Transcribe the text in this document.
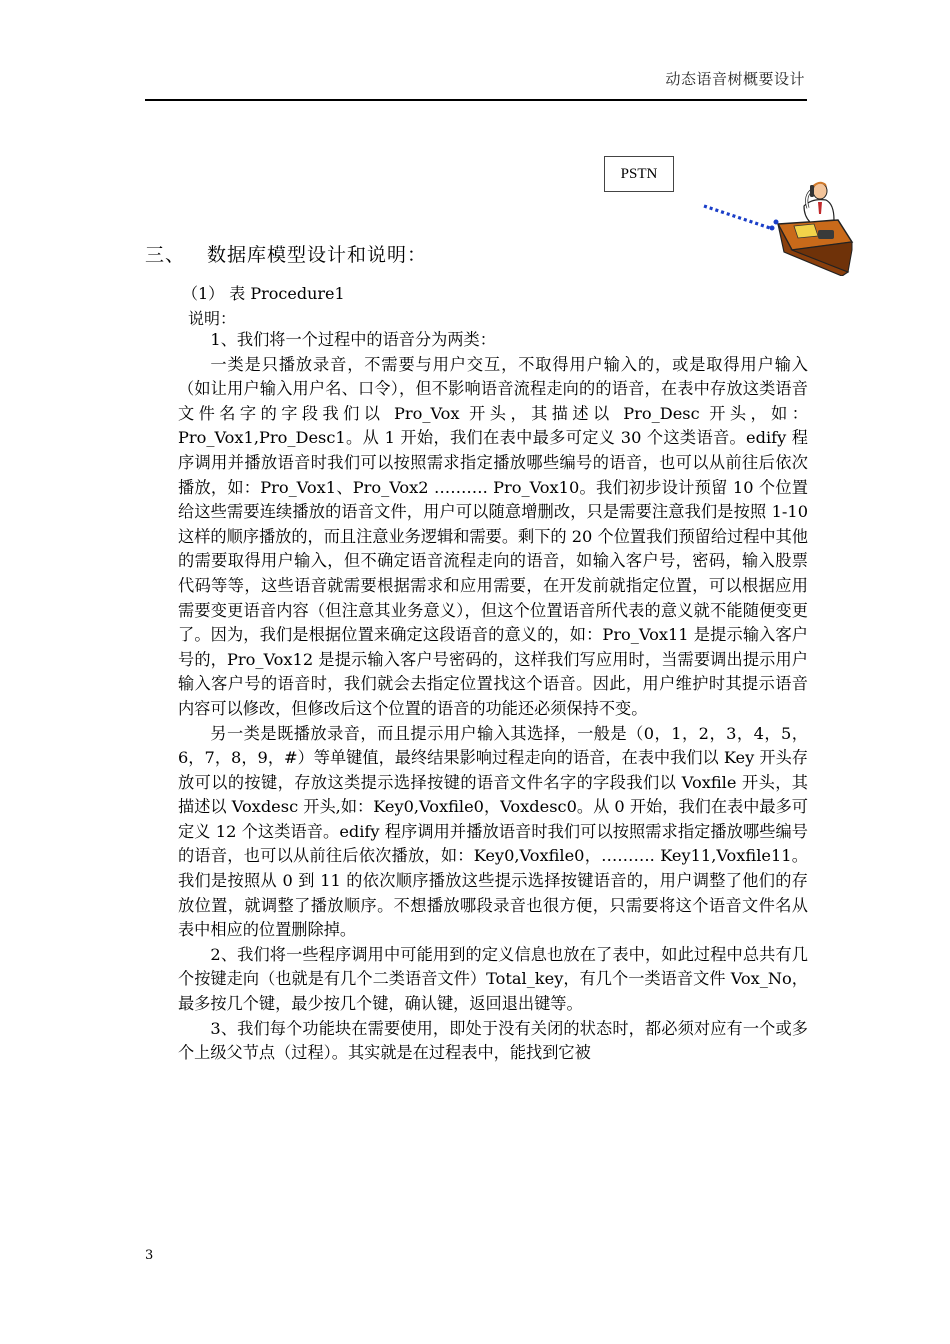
动态语音树概要设计
PSTN
三、 数据库模型设计和说明：
（1） 表 Procedure1
说明：

1、我们将一个过程中的语音分为两类：

一类是只播放录音，不需要与用户交互，不取得用户输入的，或是取得用户输入（如让用户输入用户名、口令），但不影响语音流程走向的的语音，在表中存放这类语音文件名字的字段我们以 Pro_Vox 开头，其描述以 Pro_Desc 开头，如：Pro_Vox1,Pro_Desc1。从 1 开始，我们在表中最多可定义 30 个这类语音。edify 程序调用并播放语音时我们可以按照需求指定播放哪些编号的语音，也可以从前往后依次播放，如：Pro_Vox1、Pro_Vox2 ………. Pro_Vox10。我们初步设计预留 10 个位置给这些需要连续播放的语音文件，用户可以随意增删改，只是需要注意我们是按照 1-10 这样的顺序播放的，而且注意业务逻辑和需要。剩下的 20 个位置我们预留给过程中其他的需要取得用户输入，但不确定语音流程走向的语音，如输入客户号，密码，输入股票代码等等，这些语音就需要根据需求和应用需要，在开发前就指定位置，可以根据应用需要变更语音内容（但注意其业务意义），但这个位置语音所代表的意义就不能随便变更了。因为，我们是根据位置来确定这段语音的意义的，如：Pro_Vox11 是提示输入客户号的，Pro_Vox12 是提示输入客户号密码的，这样我们写应用时，当需要调出提示用户输入客户号的语音时，我们就会去指定位置找这个语音。因此，用户维护时其提示语音内容可以修改，但修改后这个位置的语音的功能还必须保持不变。

另一类是既播放录音，而且提示用户输入其选择，一般是（0，1，2，3，4，5，6，7，8，9，#）等单键值，最终结果影响过程走向的语音，在表中我们以 Key 开头存放可以的按键，存放这类提示选择按键的语音文件名字的字段我们以 Voxfile 开头，其描述以 Voxdesc 开头,如：Key0,Voxfile0，Voxdesc0。从 0 开始，我们在表中最多可定义 12 个这类语音。edify 程序调用并播放语音时我们可以按照需求指定播放哪些编号的语音，也可以从前往后依次播放，如：Key0,Voxfile0，………. Key11,Voxfile11。我们是按照从 0 到 11 的依次顺序播放这些提示选择按键语音的，用户调整了他们的存放位置，就调整了播放顺序。不想播放哪段录音也很方便，只需要将这个语音文件名从表中相应的位置删除掉。

2、我们将一些程序调用中可能用到的定义信息也放在了表中，如此过程中总共有几个按键走向（也就是有几个二类语音文件）Total_key，有几个一类语音文件 Vox_No，最多按几个键，最少按几个键，确认键，返回退出键等。

3、我们每个功能块在需要使用，即处于没有关闭的状态时，都必须对应有一个或多个上级父节点（过程）。其实就是在过程表中，能找到它被

3
